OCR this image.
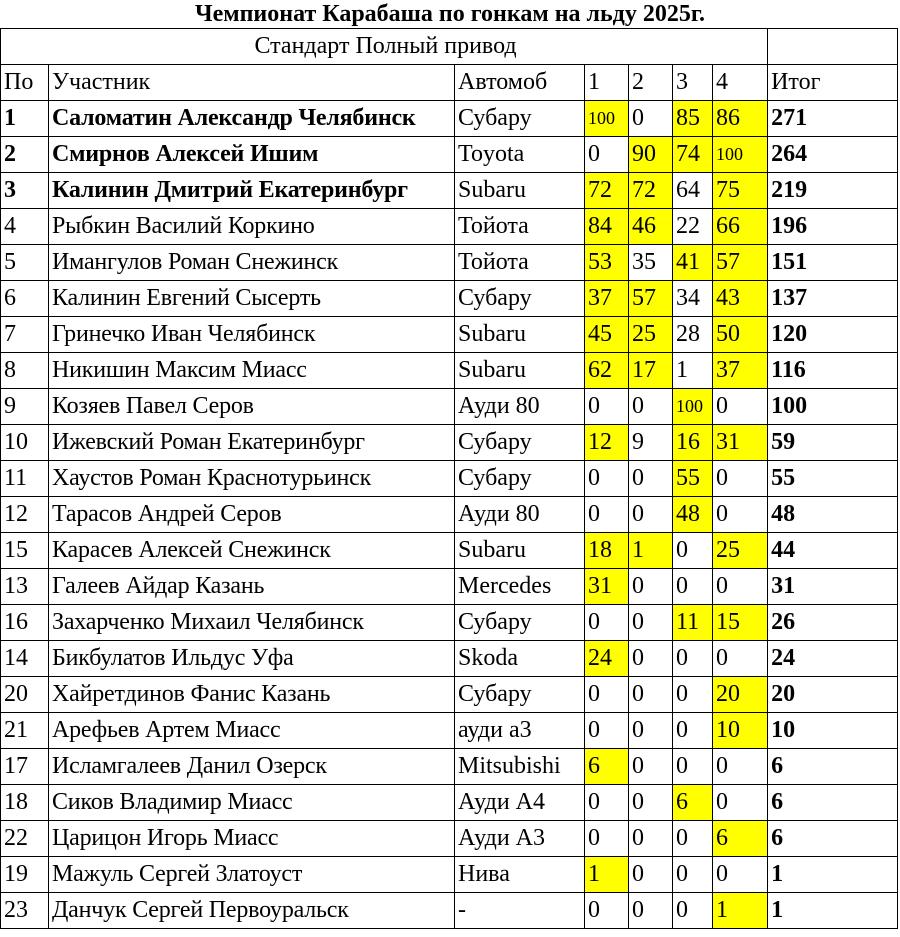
Чемпионат Карабаша по гонкам на льду 2025г.
Стандарт Полный привод							
По	Участник	Автомоб	1	2	3	4	Итог
1	Саломатин Александр Челябинск	Субару	100	0	85	86	271
2	Смирнов Алексей Ишим	Toyota	0	90	74	100	264
3	Калинин Дмитрий Екатеринбург	Subaru	72	72	64	75	219
4	Рыбкин Василий Коркино	Тойота	84	46	22	66	196
5	Имангулов Роман Снежинск	Тойота	53	35	41	57	151
6	Калинин Евгений Сысерть	Субару	37	57	34	43	137
7	Гринечко Иван Челябинск	Subaru	45	25	28	50	120
8	Никишин Максим Миасс	Subaru	62	17	1	37	116
9	Козяев Павел Серов	Ауди 80	0	0	100	0	100
10	Ижевский Роман Екатеринбург	Субару	12	9	16	31	59
11	Хаустов Роман Краснотурьинск	Субару	0	0	55	0	55
12	Тарасов Андрей Серов	Ауди 80	0	0	48	0	48
15	Карасев Алексей Снежинск	Subaru	18	1	0	25	44
13	Галеев Айдар Казань	Mercedes	31	0	0	0	31
16	Захарченко Михаил Челябинск	Субару	0	0	11	15	26
14	Бикбулатов Ильдус Уфа	Skoda	24	0	0	0	24
20	Хайретдинов Фанис Казань	Субару	0	0	0	20	20
21	Арефьев Артем Миасс	ауди а3	0	0	0	10	10
17	Исламгалеев Данил Озерск	Mitsubishi	6	0	0	0	6
18	Сиков Владимир Миасс	Ауди А4	0	0	6	0	6
22	Царицон Игорь Миасс	Ауди А3	0	0	0	6	6
19	Мажуль Сергей Златоуст	Нива	1	0	0	0	1
23	Данчук Сергей Первоуральск	-	0	0	0	1	1
